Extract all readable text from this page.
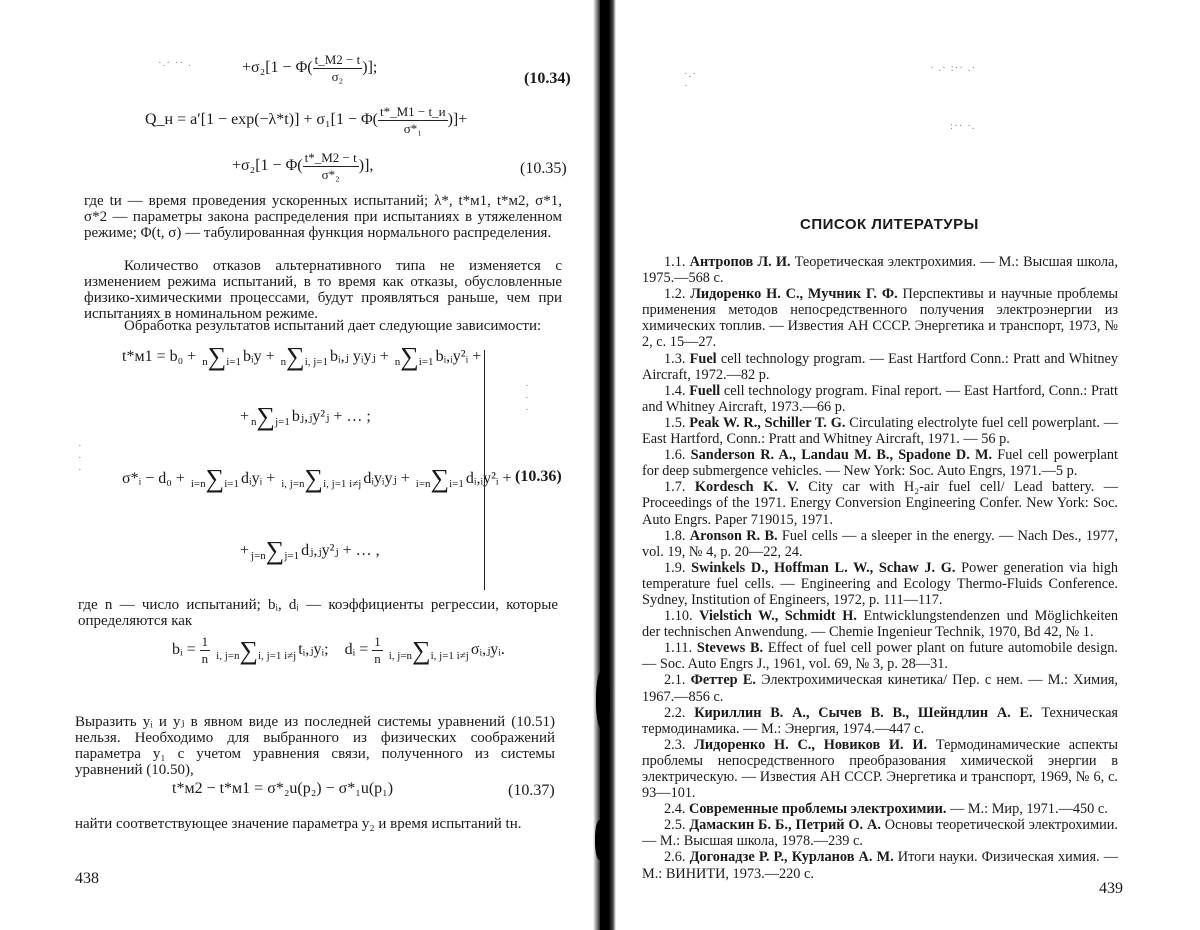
$+\sigma_2[1 - \Phi( \frac{t\_M2 - t}{\text{σ₂}}$ )];
(10.34)
Q_н = $a'[1 - \exp(-\lambda*t)] + \sigma_1[1 - \Phi( \frac{t*\_M1 - t\_и}{\text{σ*₁}}$ )]+
$+\sigma_2[1 - \Phi( \frac{t*\_M2 - t}{\text{σ*₂}}$ )],	(10.35)
где tи — время проведения ускоренных испытаний; λ*, t*м1, t*м2, σ*1, σ*2 — параметры закона распределения при испытаниях в утяжеленном режиме; Φ(t, σ) — табулированная функция нормального распределения.
Количество отказов альтернативного типа не изменяется с изменением режима испытаний, в то время как отказы, обусловленные физико-химическими процессами, будут проявляться раньше, чем при испытаниях в номинальном режиме.
Обработка результатов испытаний дает следующие зависимости:
t*м1 = b₀ + n∑i=1 bᵢy + n∑i, j=1 bᵢ,ⱼ yᵢyⱼ + n∑i=1 bᵢ,ᵢy²ᵢ +
+ n∑j=1 bⱼ,ⱼy²ⱼ + … ;
σ*ᵢ − d₀ + i=n∑i=1 dᵢyᵢ + i, j=n∑i, j=1 i≠j dᵢyᵢyⱼ + i=n∑i=1 dᵢ,ᵢy²ᵢ +
+ j=n∑j=1 dⱼ,ⱼy²ⱼ + … ,
(10.36)
где n — число испытаний; bᵢ, dᵢ — коэффициенты регрессии, которые определяются как
bᵢ = $\frac{1}{n} i$, j=n∑i, j=1 i≠j tᵢ,ⱼyᵢ; dᵢ = $\frac{1}{n} i$, j=n∑i, j=1 i≠j σᵢ,ⱼyᵢ.
Выразить yᵢ и yⱼ в явном виде из последней системы уравнений (10.51) нельзя. Необходимо для выбранного из физических соображений параметра y₁ с учетом уравнения связи, полученного из системы уравнений (10.50),
t*м2 − t*м1 = σ*₂u(p₂) − σ*₁u(p₁)	(10.37)
найти соответствующее значение параметра y₂ и время испытаний tн.
438
·.· ·· .
·
·
·
·
·
·
· .· :·· .·
:·· ·.
·.·
·
СПИСОК ЛИТЕРАТУРЫ

1.1. Антропов Л. И. Теоретическая электрохимия. — М.: Высшая школа, 1975.—568 с.

1.2. Лидоренко Н. С., Мучник Г. Ф. Перспективы и научные проблемы применения методов непосредственного получения электроэнергии из химических топлив. — Известия АН СССР. Энергетика и транспорт, 1973, № 2, с. 15—27.

1.3. Fuel cell technology program. — East Hartford Conn.: Pratt and Whitney Aircraft, 1972.—82 p.

1.4. Fuell cell technology program. Final report. — East Hartford, Conn.: Pratt and Whitney Aircraft, 1973.—66 p.

1.5. Peak W. R., Schiller T. G. Circulating electrolyte fuel cell powerplant. — East Hartford, Conn.: Pratt and Whitney Aircraft, 1971. — 56 p.

1.6. Sanderson R. A., Landau M. B., Spadone D. M. Fuel cell powerplant for deep submergence vehicles. — New York: Soc. Auto Engrs, 1971.—5 p.

1.7. Kordesch K. V. City car with H₂-air fuel cell/ Lead battery. — Proceedings of the 1971. Energy Conversion Engineering Confer. New York: Soc. Auto Engrs. Paper 719015, 1971.

1.8. Aronson R. B. Fuel cells — a sleeper in the energy. — Nach Des., 1977, vol. 19, № 4, p. 20—22, 24.

1.9. Swinkels D., Hoffman L. W., Schaw J. G. Power generation via high temperature fuel cells. — Engineering and Ecology Thermo-Fluids Conference. Sydney, Institution of Engineers, 1972, p. 111—117.

1.10. Vielstich W., Schmidt H. Entwicklungstendenzen und Möglichkeiten der technischen Anwendung. — Chemie Ingenieur Technik, 1970, Bd 42, № 1.

1.11. Stevews B. Effect of fuel cell power plant on future automobile design. — Soc. Auto Engrs J., 1961, vol. 69, № 3, p. 28—31.

2.1. Феттер Е. Электрохимическая кинетика/ Пер. с нем. — М.: Химия, 1967.—856 с.

2.2. Кириллин В. А., Сычев В. В., Шейндлин А. Е. Техническая термодинамика. — М.: Энергия, 1974.—447 с.

2.3. Лидоренко Н. С., Новиков И. И. Термодинамические аспекты проблемы непосредственного преобразования химической энергии в электрическую. — Известия АН СССР. Энергетика и транспорт, 1969, № 6, с. 93—101.

2.4. Современные проблемы электрохимии. — М.: Мир, 1971.—450 с.

2.5. Дамаскин Б. Б., Петрий О. А. Основы теоретической электрохимии. — М.: Высшая школа, 1978.—239 с.

2.6. Догонадзе Р. Р., Курланов А. М. Итоги науки. Физическая химия. — М.: ВИНИТИ, 1973.—220 с.

439
